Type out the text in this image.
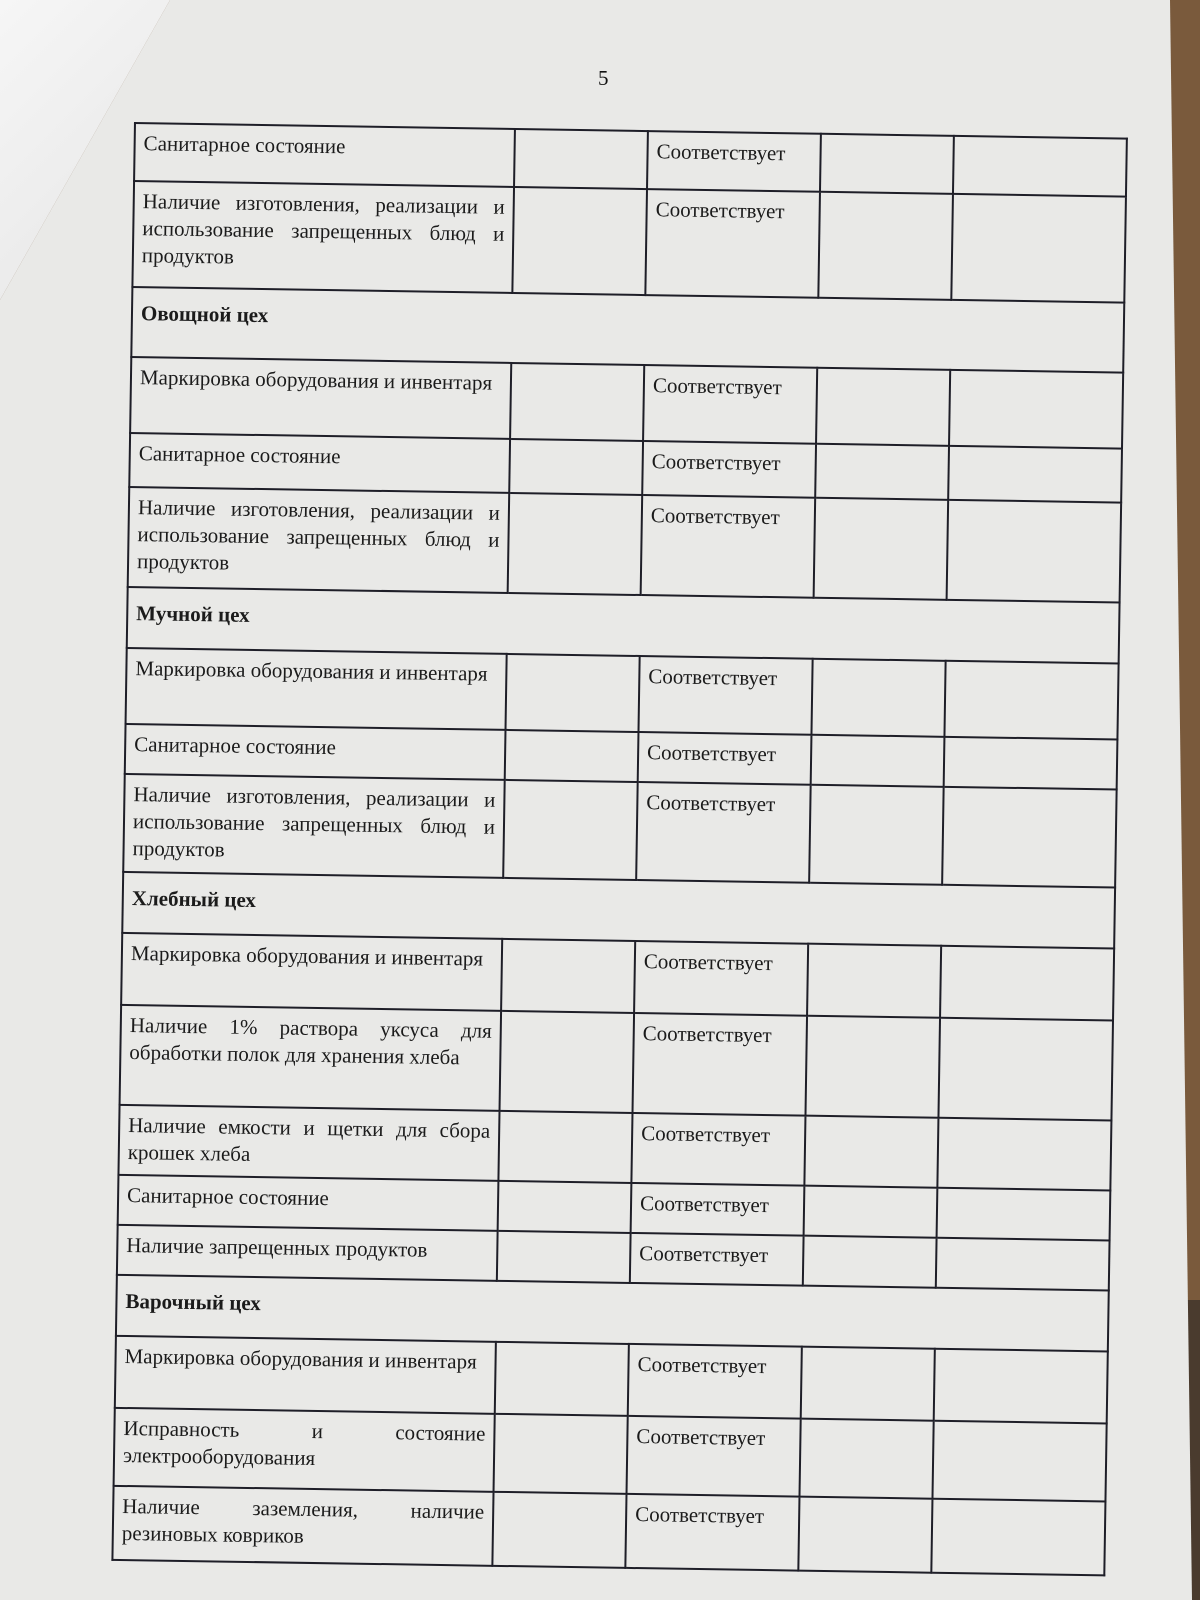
5
Санитарное состояние		Соответствует		
Наличие изготовления, реализации и использование запрещенных блюд и продуктов		Соответствует		
Овощной цех				
Маркировка оборудования и инвентаря		Соответствует		
Санитарное состояние		Соответствует		
Наличие изготовления, реализации и использование запрещенных блюд и продуктов		Соответствует		
Мучной цех				
Маркировка оборудования и инвентаря		Соответствует		
Санитарное состояние		Соответствует		
Наличие изготовления, реализации и использование запрещенных блюд и продуктов		Соответствует		
Хлебный цех				
Маркировка оборудования и инвентаря		Соответствует		
Наличие 1% раствора уксуса для обработки полок для хранения хлеба		Соответствует		
Наличие емкости и щетки для сбора крошек хлеба		Соответствует		
Санитарное состояние		Соответствует		
Наличие запрещенных продуктов		Соответствует		
Варочный цех				
Маркировка оборудования и инвентаря		Соответствует		
Исправность и состояние электрооборудования		Соответствует		
Наличие заземления, наличие резиновых ковриков		Соответствует		
